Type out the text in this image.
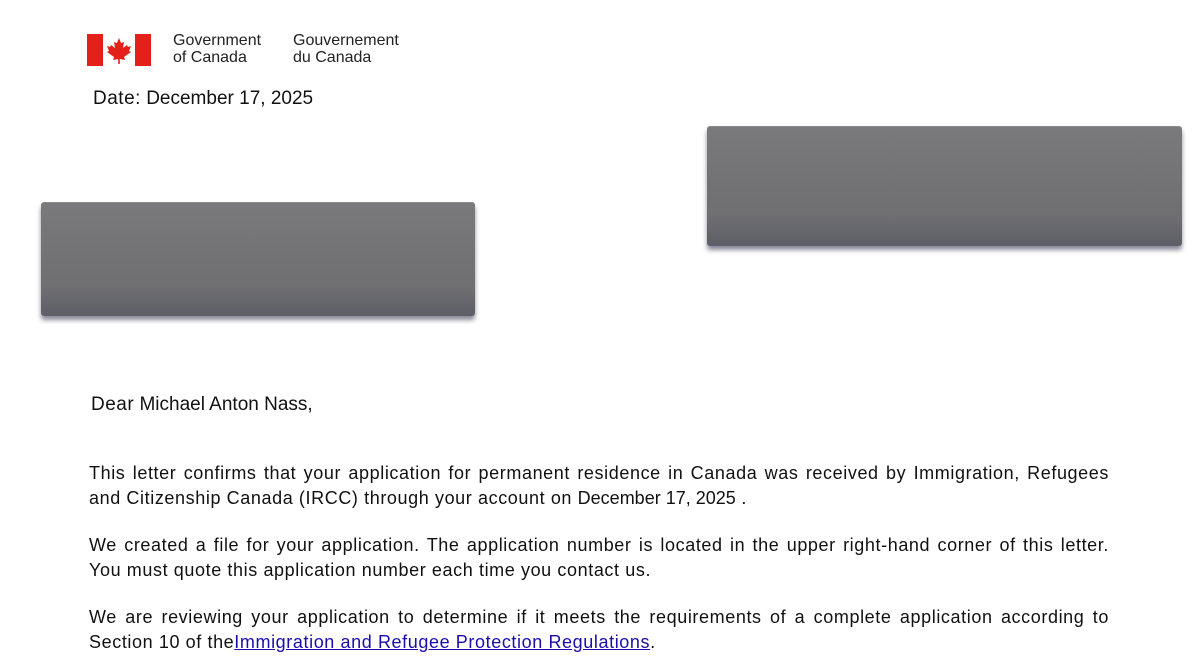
Government
of Canada
Gouvernement
du Canada
Date: December 17, 2025
Dear Michael Anton Nass,
This letter confirms that your application for permanent residence in Canada was received by Immigration, Refugees and Citizenship Canada (IRCC) through your account on December 17, 2025 .
We created a file for your application. The application number is located in the upper right-hand corner of this letter. You must quote this application number each time you contact us.
We are reviewing your application to determine if it meets the requirements of a complete application according to Section 10 of theImmigration and Refugee Protection Regulations.
